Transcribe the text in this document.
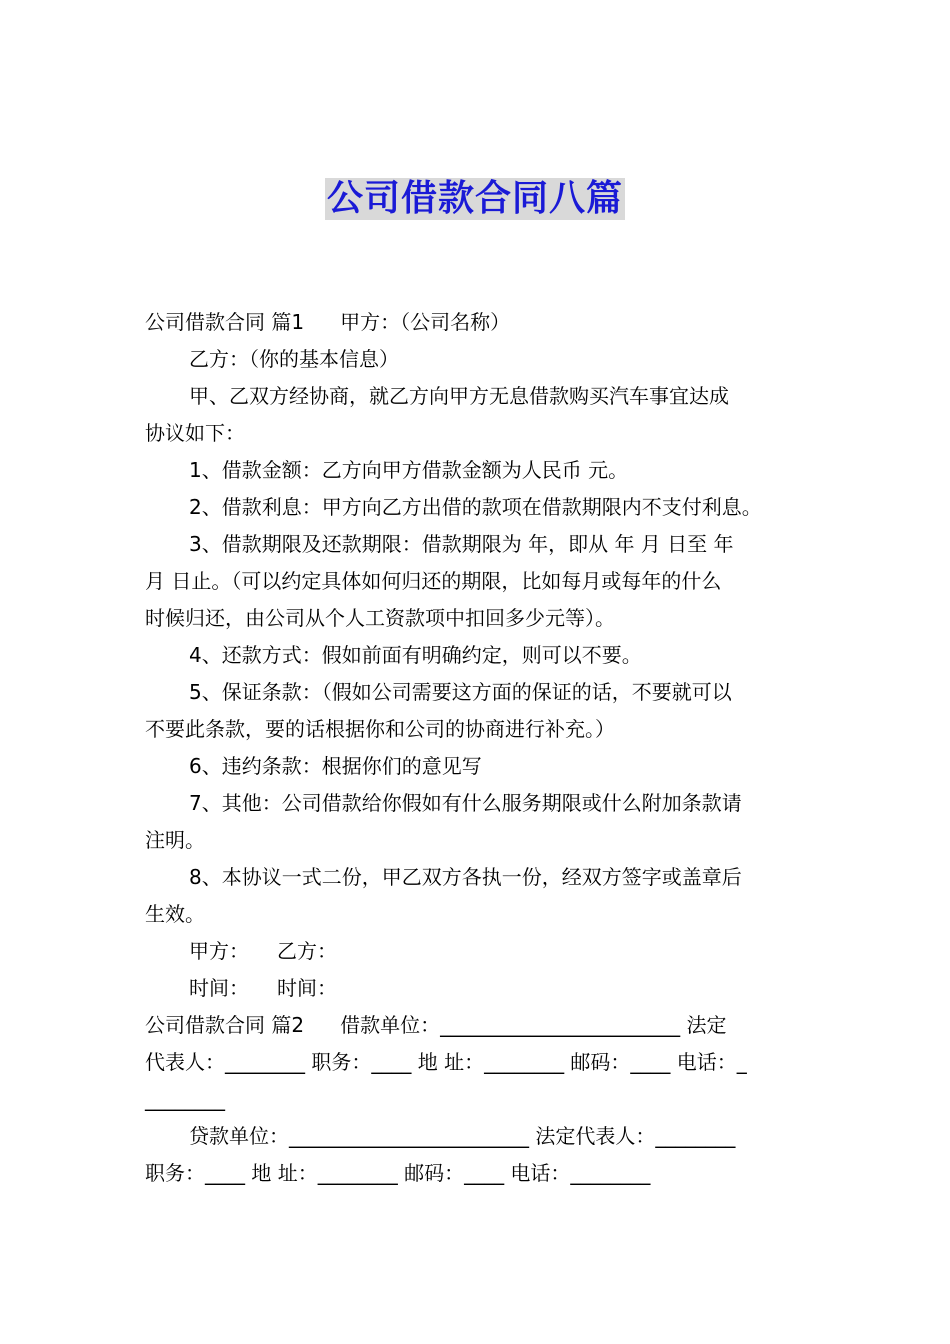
公司借款合同八篇
公司借款合同 篇1 甲方：（公司名称）
乙方：（你的基本信息）
甲、乙双方经协商，就乙方向甲方无息借款购买汽车事宜达成
协议如下：
1、借款金额：乙方向甲方借款金额为人民币 元。
2、借款利息：甲方向乙方出借的款项在借款期限内不支付利息。
3、借款期限及还款期限：借款期限为 年，即从 年 月 日至 年
月 日止。（可以约定具体如何归还的期限，比如每月或每年的什么
时候归还，由公司从个人工资款项中扣回多少元等）。
4、还款方式：假如前面有明确约定，则可以不要。
5、保证条款：（假如公司需要这方面的保证的话，不要就可以
不要此条款，要的话根据你和公司的协商进行补充。）
6、违约条款：根据你们的意见写
7、其他：公司借款给你假如有什么服务期限或什么附加条款请
注明。
8、本协议一式二份，甲乙双方各执一份，经双方签字或盖章后
生效。
甲方： 乙方：
时间： 时间：
公司借款合同 篇2 借款单位：________________________ 法定
代表人：________ 职务：____ 地 址：________ 邮码：____ 电话：_
________
贷款单位：________________________ 法定代表人：________
职务：____ 地 址：________ 邮码：____ 电话：________
